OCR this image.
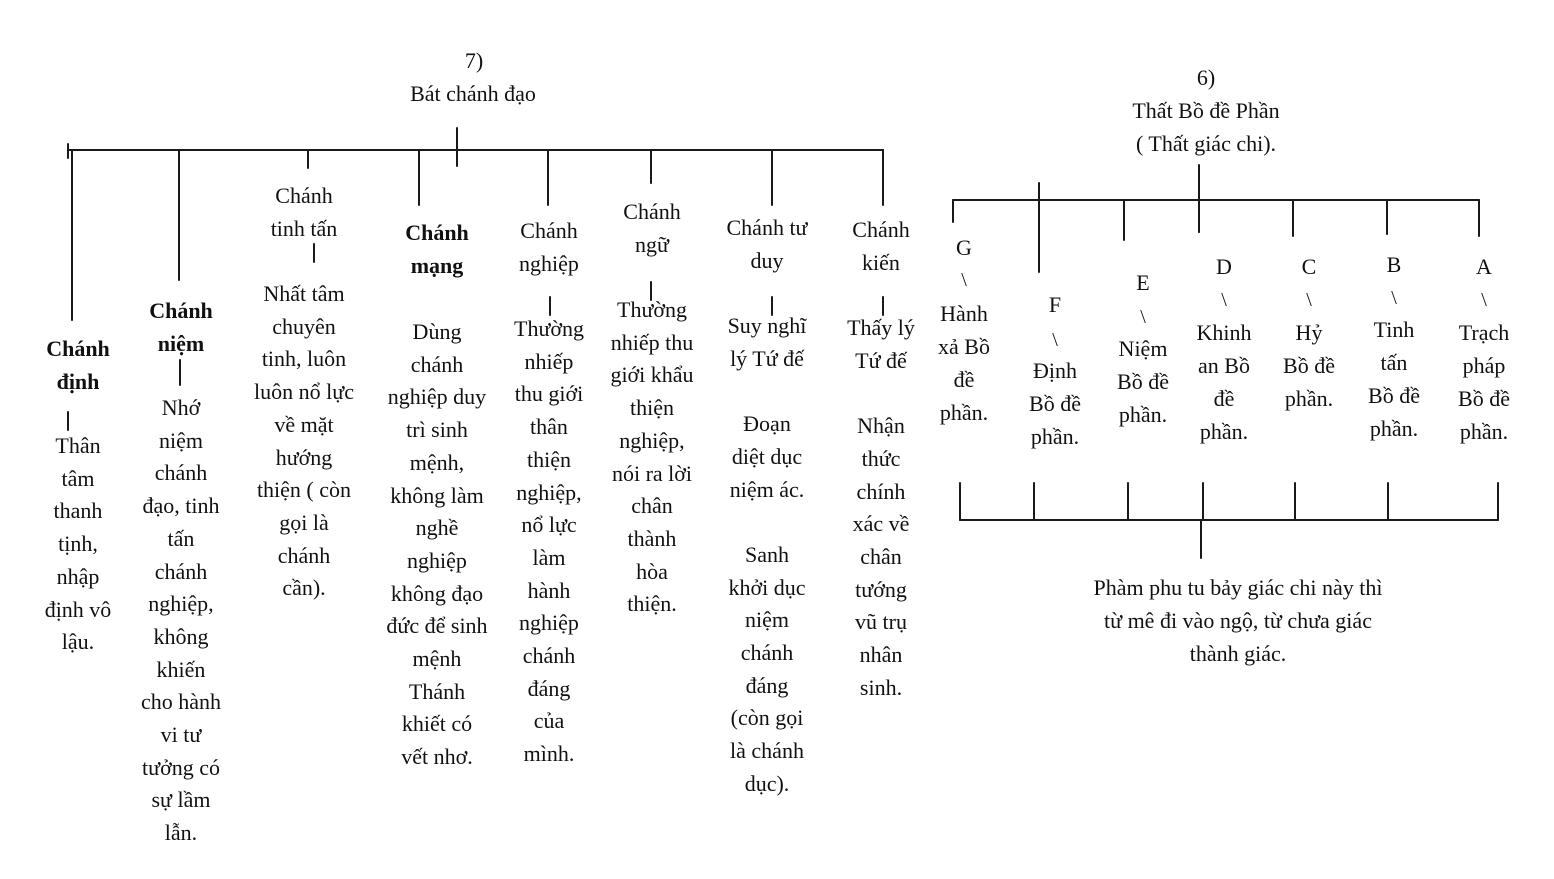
7)
Bát chánh đạo
Chánh
định
Thân
tâm
thanh
tịnh,
nhập
định vô
lậu.
Chánh
niệm
Nhớ
niệm
chánh
đạo, tinh
tấn
chánh
nghiệp,
không
khiến
cho hành
vi tư
tưởng có
sự lầm
lẫn.
Chánh
tinh tấn
Nhất tâm
chuyên
tinh, luôn
luôn nổ lực
về mặt
hướng
thiện ( còn
gọi là
chánh
cần).
Chánh
mạng
Dùng
chánh
nghiệp duy
trì sinh
mệnh,
không làm
nghề
nghiệp
không đạo
đức để sinh
mệnh
Thánh
khiết có
vết nhơ.
Chánh
nghiệp
Thường
nhiếp
thu giới
thân
thiện
nghiệp,
nổ lực
làm
hành
nghiệp
chánh
đáng
của
mình.
Chánh
ngữ
Thường
nhiếp thu
giới khẩu
thiện
nghiệp,
nói ra lời
chân
thành
hòa
thiện.
Chánh tư
duy
Suy nghĩ
lý Tứ đế

Đoạn
diệt dục
niệm ác.

Sanh
khởi dục
niệm
chánh
đáng
(còn gọi
là chánh
dục).
Chánh
kiến
Thấy lý
Tứ đế

Nhận
thức
chính
xác về
chân
tướng
vũ trụ
nhân
sinh.
6)
Thất Bồ đề Phần
( Thất giác chi).
G
\
Hành
xả Bồ
đề
phần.
F
\
Định
Bồ đề
phần.
E
\
Niệm
Bồ đề
phần.
D
\
Khinh
an Bồ
đề
phần.
C
\
Hỷ
Bồ đề
phần.
B
\
Tinh
tấn
Bồ đề
phần.
A
\
Trạch
pháp
Bồ đề
phần.
Phàm phu tu bảy giác chi này thì
từ mê đi vào ngộ, từ chưa giác
thành giác.
